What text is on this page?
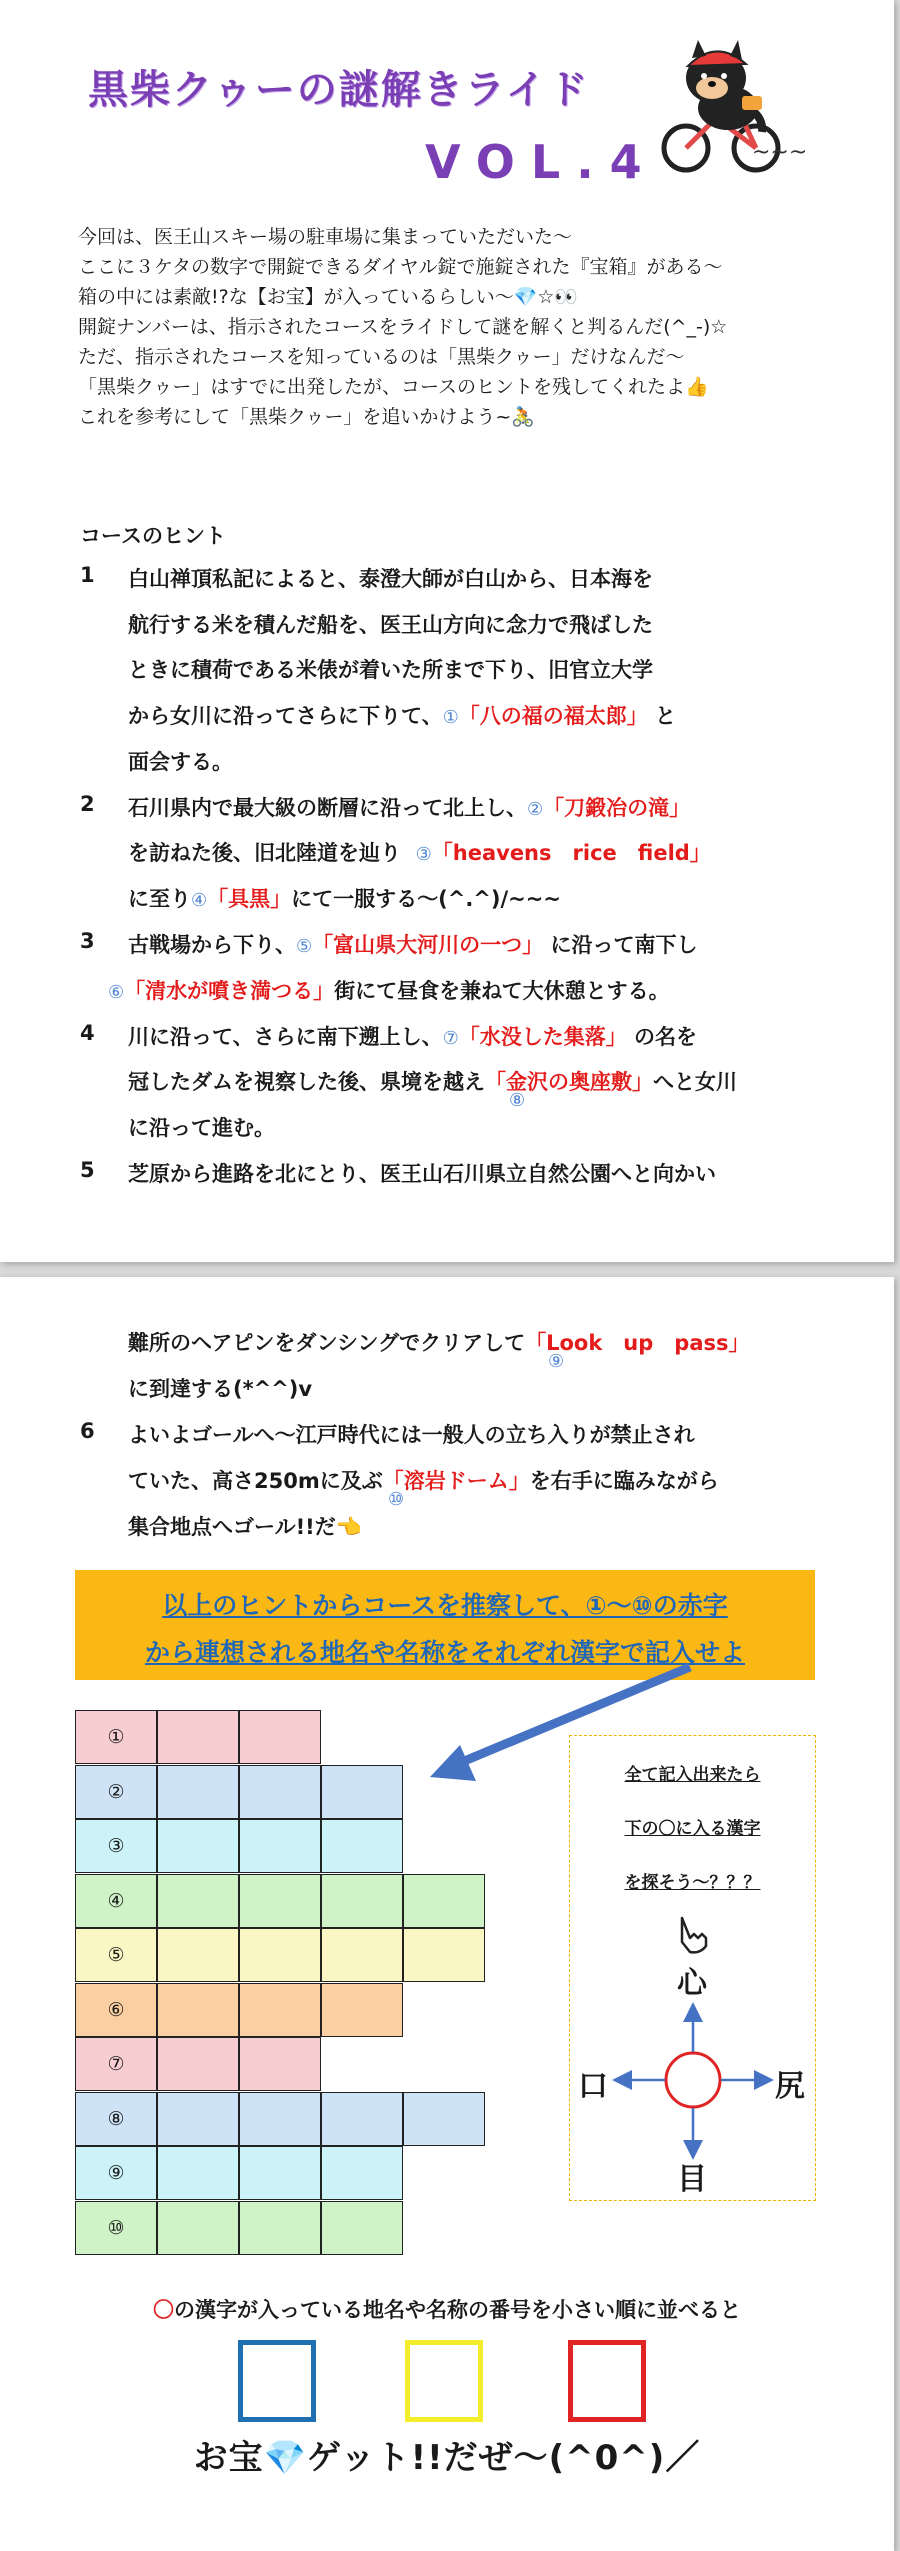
黒柴クゥーの謎解きライド
VOL.4	~~~

今回は、医王山スキー場の駐車場に集まっていただいた～

ここに３ケタの数字で開錠できるダイヤル錠で施錠された『宝箱』がある～

箱の中には素敵!?な【お宝】が入っているらしい～💎☆👀

開錠ナンバーは、指示されたコースをライドして謎を解くと判るんだ(^_-)☆

ただ、指示されたコースを知っているのは「黒柴クゥー」だけなんだ～

「黒柴クゥー」はすでに出発したが、コースのヒントを残してくれたよ👍

これを参考にして「黒柴クゥー」を追いかけよう~🚴

コースのヒント
1 白山禅頂私記によると、泰澄大師が白山から、日本海を
航行する米を積んだ船を、医王山方向に念力で飛ばした
ときに積荷である米俵が着いた所まで下り、旧官立大学
から女川に沿ってさらに下りて、①「八の福の福太郎」 と
面会する。
2 石川県内で最大級の断層に沿って北上し、②「刀鍛冶の滝」
を訪ねた後、旧北陸道を辿り ③「heavens　rice　field」
に至り④「具黒」にて一服する～(^.^)/~~~
3 古戦場から下り、⑤「富山県大河川の一つ」 に沿って南下し
⑥「清水が噴き満つる」街にて昼食を兼ねて大休憩とする。
4 川に沿って、さらに南下遡上し、⑦「水没した集落」 の名を
冠したダムを視察した後、県境を越え「金沢の奥座敷」へと女川
⑧
に沿って進む。
5 芝原から進路を北にとり、医王山石川県立自然公園へと向かい
難所のヘアピンをダンシングでクリアして「Look　up　pass」
⑨
に到達する(*^^)v
6 よいよゴールへ～江戸時代には一般人の立ち入りが禁止され
ていた、高さ250mに及ぶ「溶岩ドーム」を右手に臨みながら
⑩
集合地点へゴール!!だ👈

以上のヒントからコースを推察して、①～⑩の赤字

から連想される地名や名称をそれぞれ漢字で記入せよ

①
②
③
④
⑤
⑥
⑦
⑧
⑨
⑩

全て記入出来たら

下の〇に入る漢字

を探そう～？？？

心
口	尻
目
〇の漢字が入っている地名や名称の番号を小さい順に並べると
お宝💎ゲット!!だぜ～(^0^)／
